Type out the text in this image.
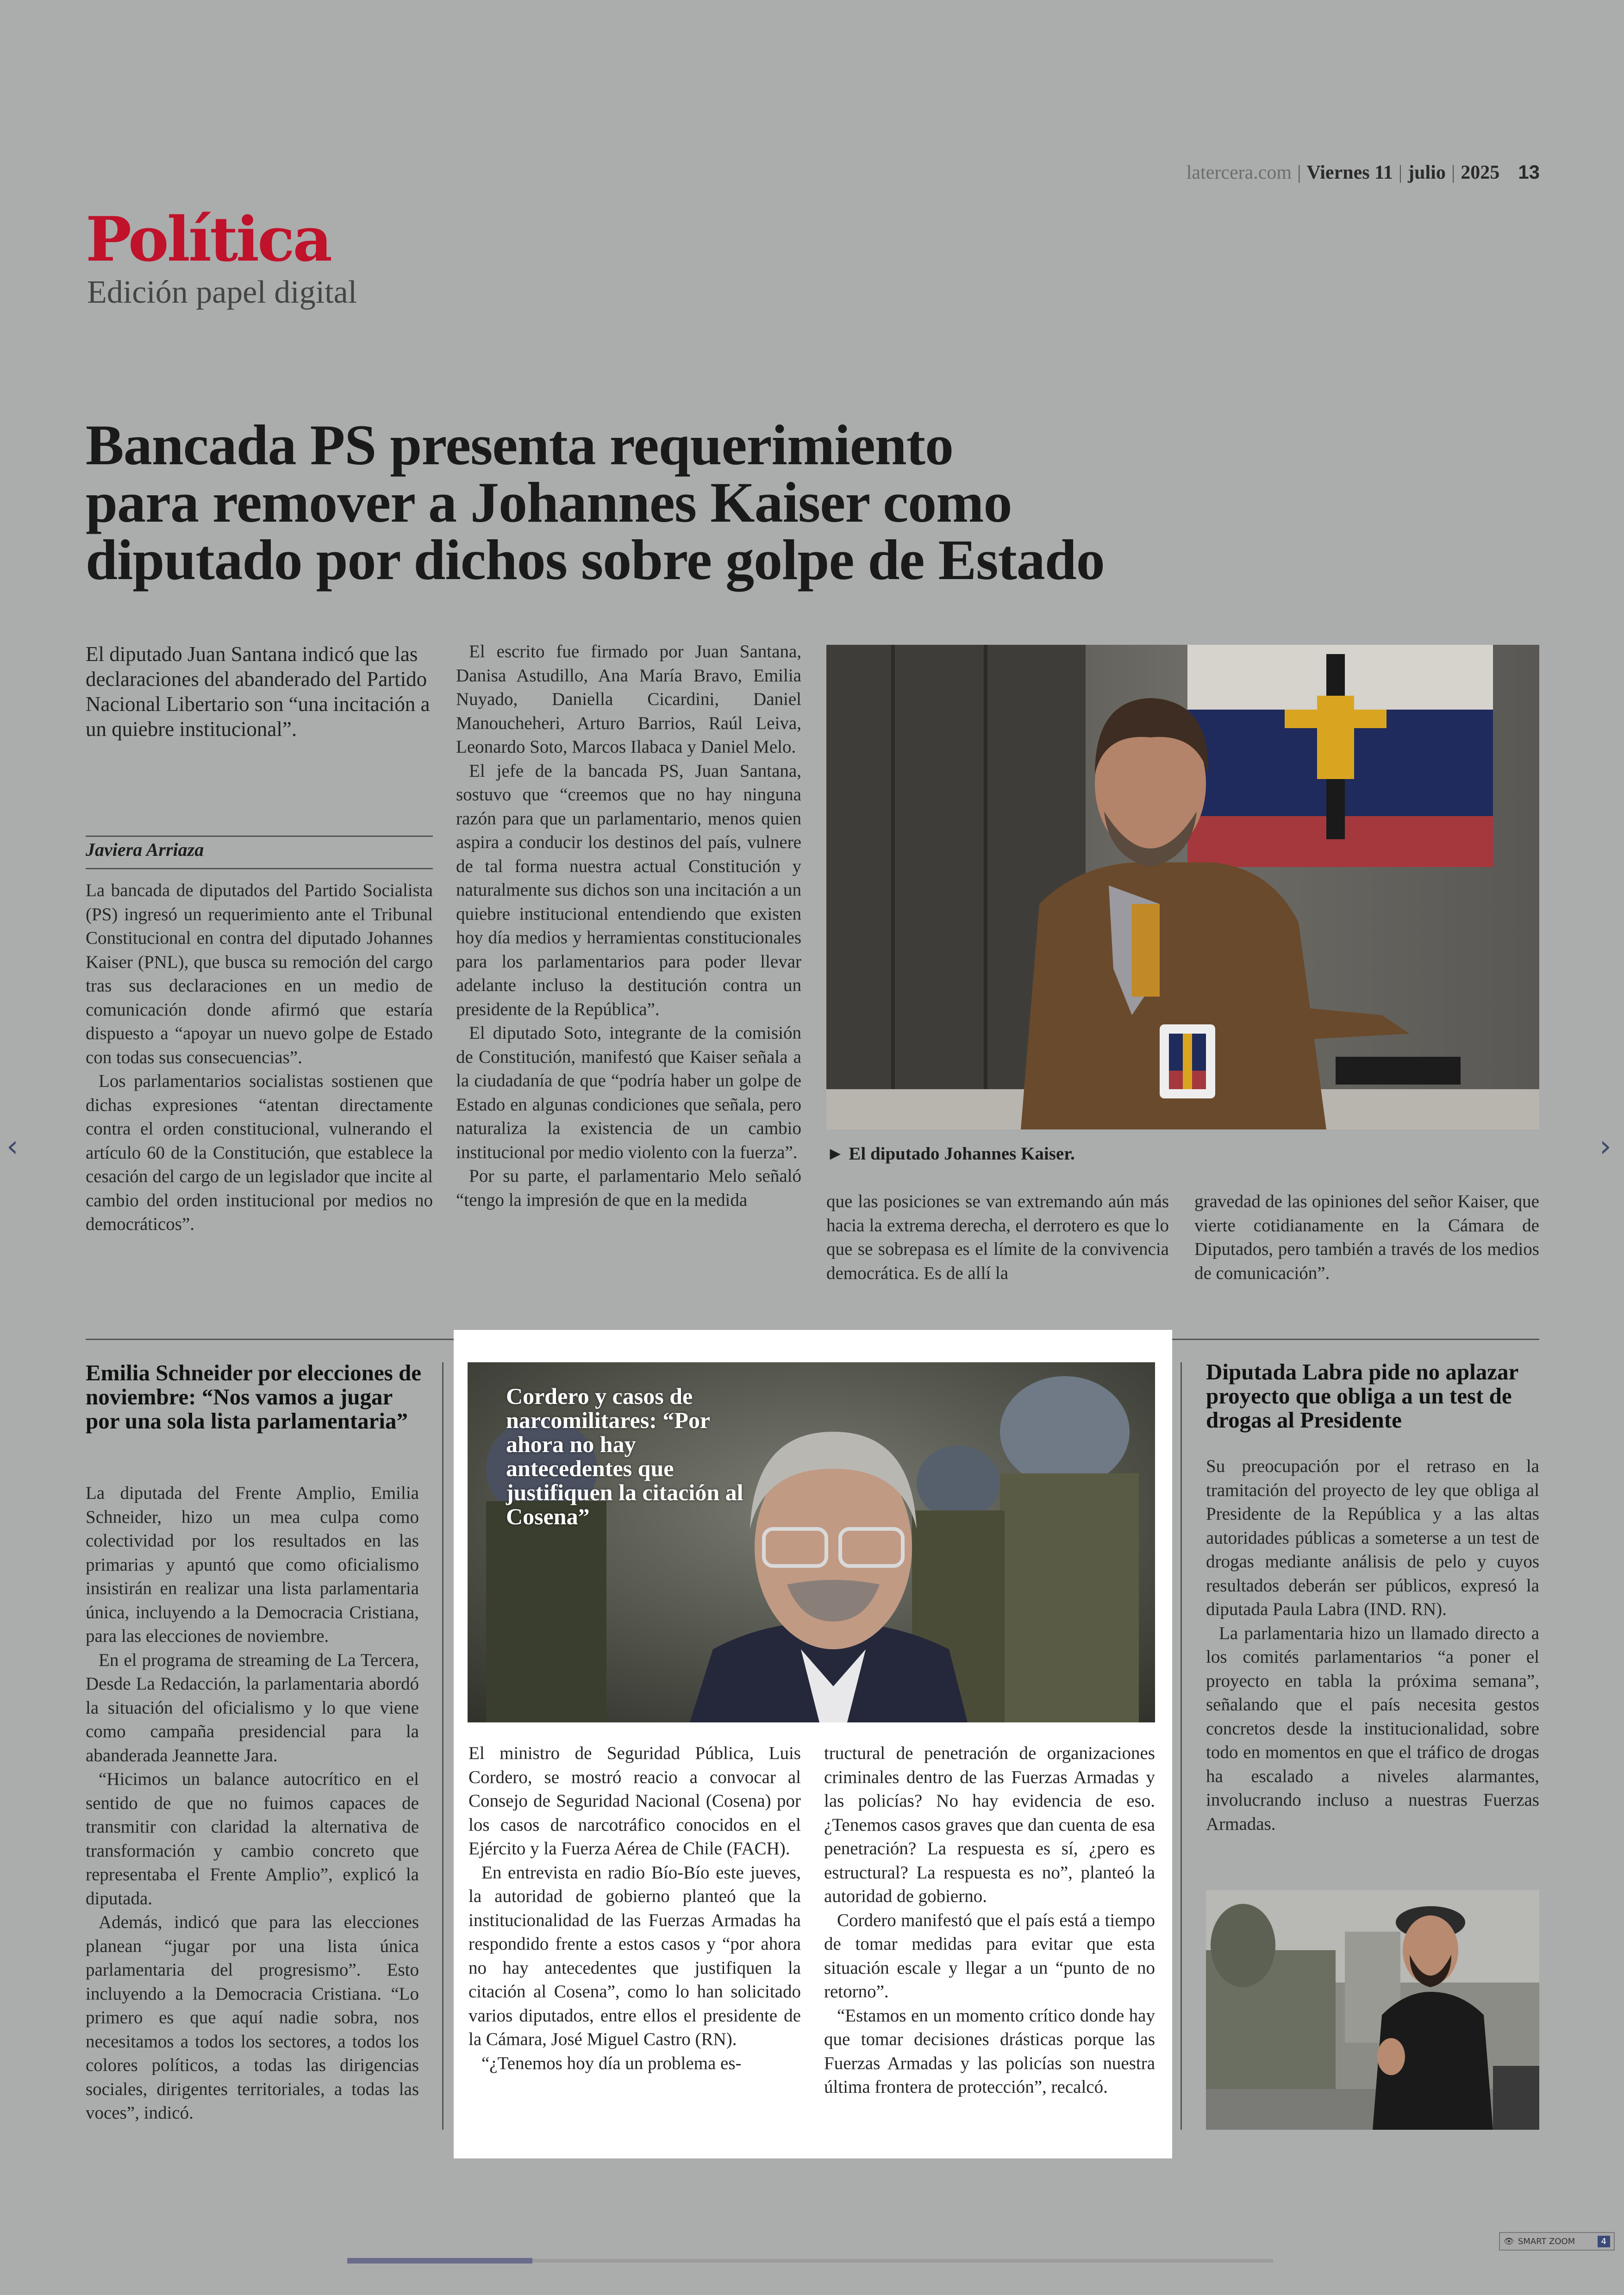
latercera.com | Viernes 11 | julio | 2025 13
Política
Edición papel digital
Bancada PS presenta requerimiento
para remover a Johannes Kaiser como
diputado por dichos sobre golpe de Estado
El diputado Juan Santana indicó que las declaraciones del abanderado del Partido Nacional Libertario son “una incitación a un quiebre institucional”.
Javiera Arriaza

La bancada de diputados del Partido Socialista (PS) ingresó un requerimiento ante el Tribunal Constitucional en contra del diputado Johannes Kaiser (PNL), que busca su remoción del cargo tras sus declaraciones en un medio de comunicación donde afirmó que estaría dispuesto a “apoyar un nuevo golpe de Estado con todas sus consecuencias”.

Los parlamentarios socialistas sostienen que dichas expresiones “atentan directamente contra el orden constitucional, vulnerando el artículo 60 de la Constitución, que establece la cesación del cargo de un legislador que incite al cambio del orden institucional por medios no democráticos”.

El escrito fue firmado por Juan Santana, Danisa Astudillo, Ana María Bravo, Emilia Nuyado, Daniella Cicardini, Daniel Manoucheheri, Arturo Barrios, Raúl Leiva, Leonardo Soto, Marcos Ilabaca y Daniel Melo.

El jefe de la bancada PS, Juan Santana, sostuvo que “creemos que no hay ninguna razón para que un parlamentario, menos quien aspira a conducir los destinos del país, vulnere de tal forma nuestra actual Constitución y naturalmente sus dichos son una incitación a un quiebre institucional entendiendo que existen hoy día medios y herramientas constitucionales para los parlamentarios para poder llevar adelante incluso la destitución contra un presidente de la República”.

El diputado Soto, integrante de la comisión de Constitución, manifestó que Kaiser señala a la ciudadanía de que “podría haber un golpe de Estado en algunas condiciones que señala, pero naturaliza la existencia de un cambio institucional por medio violento con la fuerza”.

Por su parte, el parlamentario Melo señaló “tengo la impresión de que en la medida

► El diputado Johannes Kaiser.

que las posiciones se van extremando aún más hacia la extrema derecha, el derrotero es que lo que se sobrepasa es el límite de la convivencia democrática. Es de allí la

gravedad de las opiniones del señor Kaiser, que vierte cotidianamente en la Cámara de Diputados, pero también a través de los medios de comunicación”.

Emilia Schneider por elecciones de noviembre: “Nos vamos a jugar por una sola lista parlamentaria”

La diputada del Frente Amplio, Emilia Schneider, hizo un mea culpa como colectividad por los resultados en las primarias y apuntó que como oficialismo insistirán en realizar una lista parlamentaria única, incluyendo a la Democracia Cristiana, para las elecciones de noviembre.

En el programa de streaming de La Tercera, Desde La Redacción, la parlamentaria abordó la situación del oficialismo y lo que viene como campaña presidencial para la abanderada Jeannette Jara.

“Hicimos un balance autocrítico en el sentido de que no fuimos capaces de transmitir con claridad la alternativa de transformación y cambio concreto que representaba el Frente Amplio”, explicó la diputada.

Además, indicó que para las elecciones planean “jugar por una lista única parlamentaria del progresismo”. Esto incluyendo a la Democracia Cristiana. “Lo primero es que aquí nadie sobra, nos necesitamos a todos los sectores, a todos los colores políticos, a todas las dirigencias sociales, dirigentes territoriales, a todas las voces”, indicó.

Cordero y casos de narcomilitares: “Por ahora no hay antecedentes que justifiquen la citación al Cosena”

El ministro de Seguridad Pública, Luis Cordero, se mostró reacio a convocar al Consejo de Seguridad Nacional (Cosena) por los casos de narcotráfico conocidos en el Ejército y la Fuerza Aérea de Chile (FACH).

En entrevista en radio Bío-Bío este jueves, la autoridad de gobierno planteó que la institucionalidad de las Fuerzas Armadas ha respondido frente a estos casos y “por ahora no hay antecedentes que justifiquen la citación al Cosena”, como lo han solicitado varios diputados, entre ellos el presidente de la Cámara, José Miguel Castro (RN).

“¿Tenemos hoy día un problema es-

tructural de penetración de organizaciones criminales dentro de las Fuerzas Armadas y las policías? No hay evidencia de eso. ¿Tenemos casos graves que dan cuenta de esa penetración? La respuesta es sí, ¿pero es estructural? La respuesta es no”, planteó la autoridad de gobierno.

Cordero manifestó que el país está a tiempo de tomar medidas para evitar que esta situación escale y llegar a un “punto de no retorno”.

“Estamos en un momento crítico donde hay que tomar decisiones drásticas porque las Fuerzas Armadas y las policías son nuestra última frontera de protección”, recalcó.

Diputada Labra pide no aplazar proyecto que obliga a un test de drogas al Presidente

Su preocupación por el retraso en la tramitación del proyecto de ley que obliga al Presidente de la República y a las altas autoridades públicas a someterse a un test de drogas mediante análisis de pelo y cuyos resultados deberán ser públicos, expresó la diputada Paula Labra (IND. RN).

La parlamentaria hizo un llamado directo a los comités parlamentarios “a poner el proyecto en tabla la próxima semana”, señalando que el país necesita gestos concretos desde la institucionalidad, sobre todo en momentos en que el tráfico de drogas ha escalado a niveles alarmantes, involucrando incluso a nuestras Fuerzas Armadas.

‹	›
👁 SMART ZOOM	4
